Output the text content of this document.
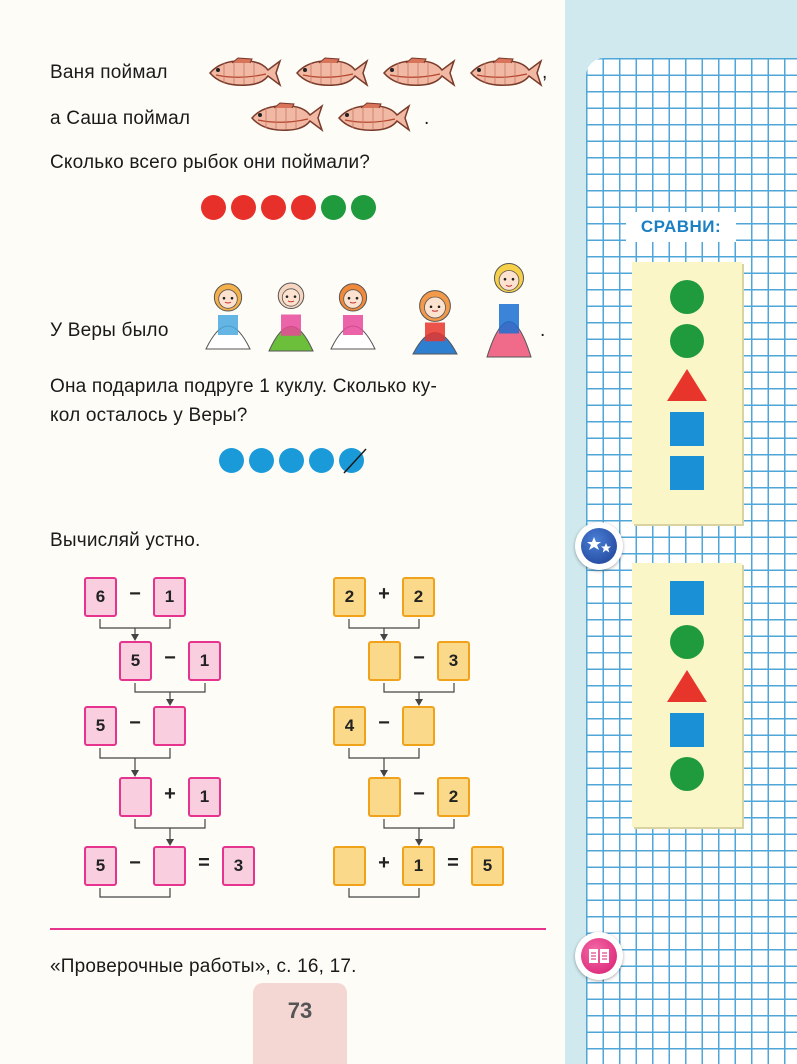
Ваня поймал	,
а Саша поймал	.
Сколько всего рыбок они поймали?
У Веры было	.
Она подарила подруге 1 куклу. Сколько ку-
кол осталось у Веры?
Вычисляй устно.
6	−	1
5	−	1
5	−
+	1
5	−	=	3
2	+	2
−	3
4	−
−	2
+	1	=	5
«Проверочные работы», с. 16, 17.
73
СРАВНИ:
